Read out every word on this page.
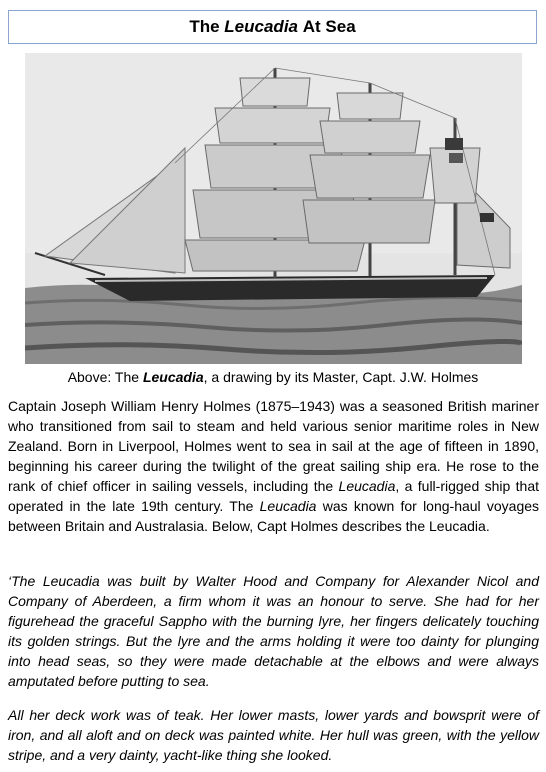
The
Leucadia
At Sea
Above: The Leucadia, a drawing by its Master, Capt. J.W. Holmes

Captain Joseph William Henry Holmes (1875–1943) was a seasoned British mariner who transitioned from sail to steam and held various senior maritime roles in New Zealand. Born in Liverpool, Holmes went to sea in sail at the age of fifteen in 1890, beginning his career during the twilight of the great sailing ship era. He rose to the rank of chief officer in sailing vessels, including the Leucadia, a full-rigged ship that operated in the late 19th century. The Leucadia was known for long-haul voyages between Britain and Australasia. Below, Capt Holmes describes the Leucadia.

‘The Leucadia was built by Walter Hood and Company for Alexander Nicol and Company of Aberdeen, a firm whom it was an honour to serve. She had for her figurehead the graceful Sappho with the burning lyre, her fingers delicately touching its golden strings. But the lyre and the arms holding it were too dainty for plunging into head seas, so they were made detachable at the elbows and were always amputated before putting to sea.

All her deck work was of teak. Her lower masts, lower yards and bowsprit were of iron, and all aloft and on deck was painted white. Her hull was green, with the yellow stripe, and a very dainty, yacht-like thing she looked.
